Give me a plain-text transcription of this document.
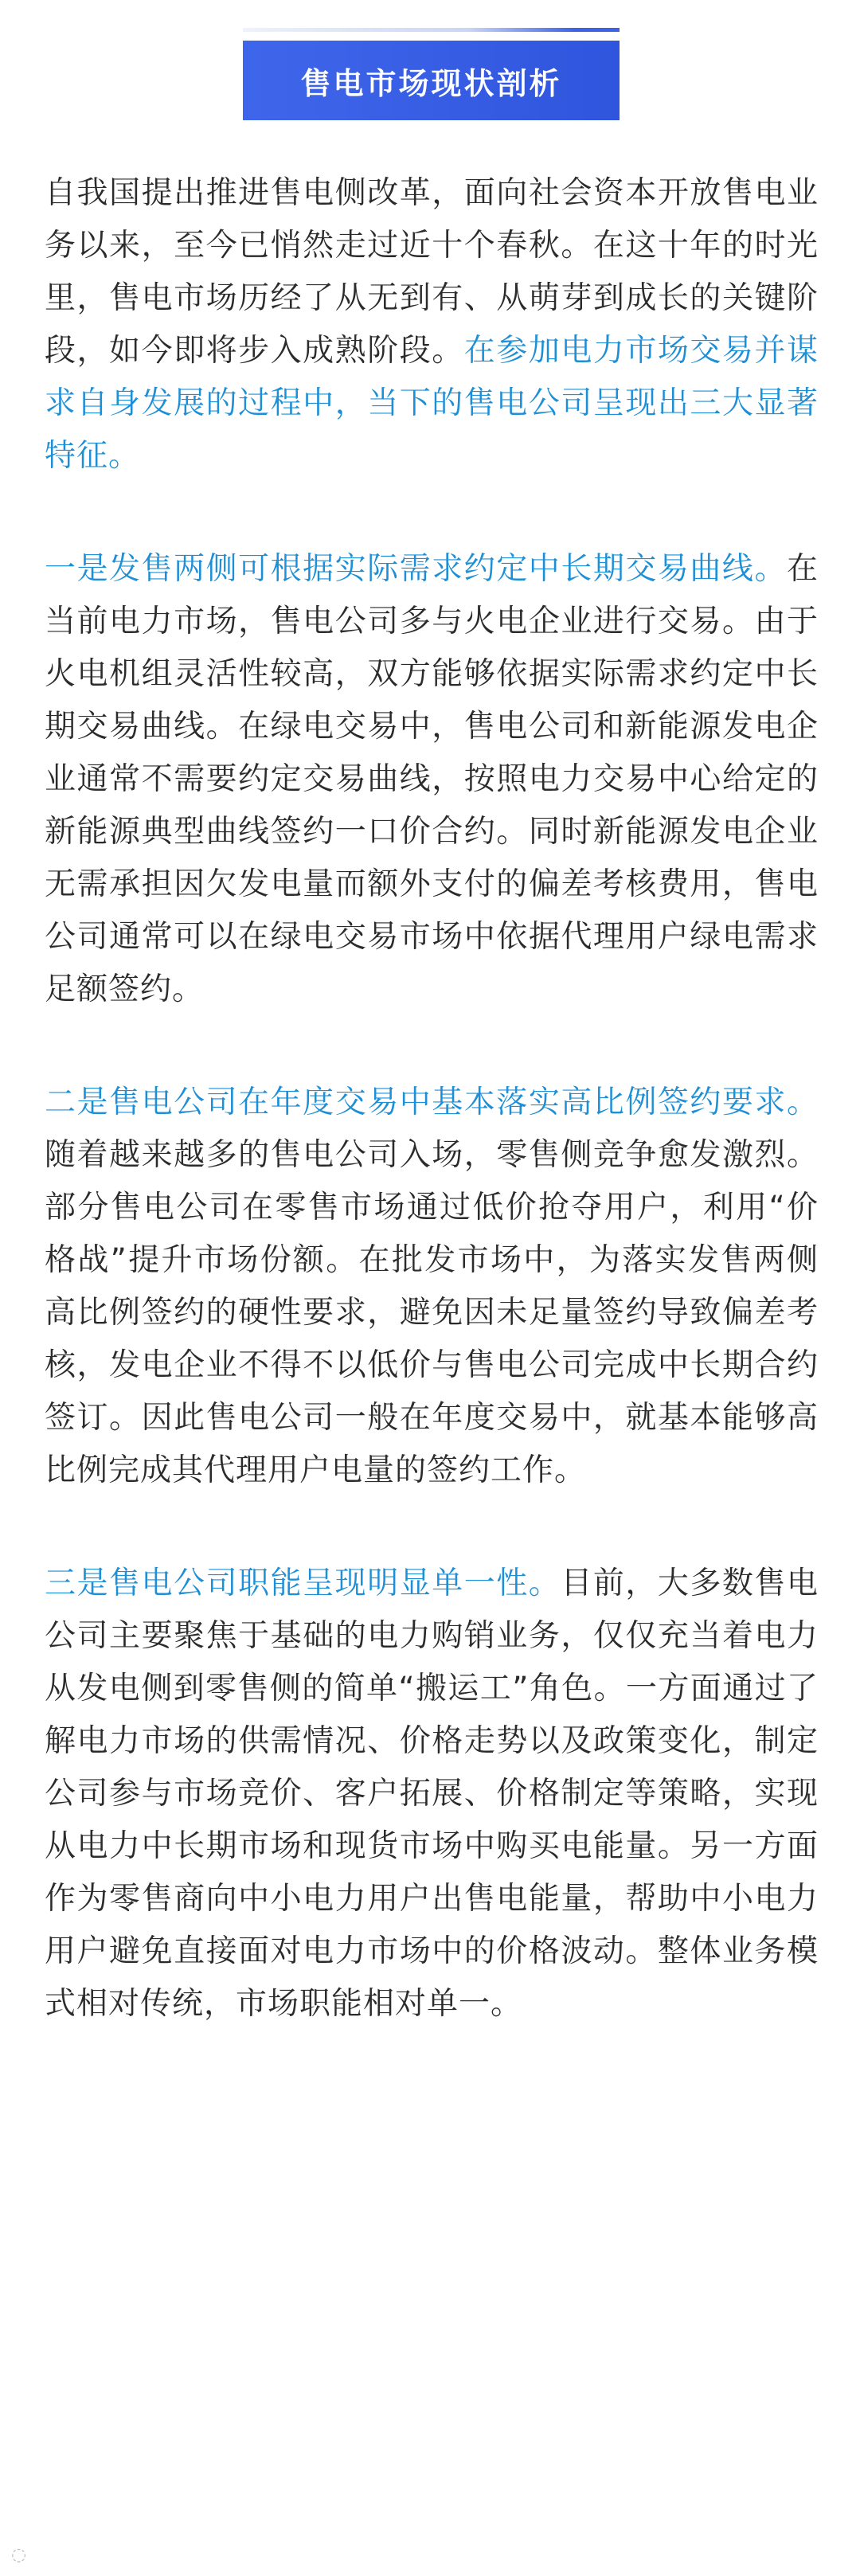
售电市场现状剖析

自我国提出推进售电侧改革，面向社会资本开放售电业务以来，至今已悄然走过近十个春秋。在这十年的时光里，售电市场历经了从无到有、从萌芽到成长的关键阶段，如今即将步入成熟阶段。在参加电力市场交易并谋求自身发展的过程中，当下的售电公司呈现出三大显著特征。

一是发售两侧可根据实际需求约定中长期交易曲线。在当前电力市场，售电公司多与火电企业进行交易。由于火电机组灵活性较高，双方能够依据实际需求约定中长期交易曲线。在绿电交易中，售电公司和新能源发电企业通常不需要约定交易曲线，按照电力交易中心给定的新能源典型曲线签约一口价合约。同时新能源发电企业无需承担因欠发电量而额外支付的偏差考核费用，售电公司通常可以在绿电交易市场中依据代理用户绿电需求足额签约。

二是售电公司在年度交易中基本落实高比例签约要求。随着越来越多的售电公司入场，零售侧竞争愈发激烈。部分售电公司在零售市场通过低价抢夺用户，利用“价格战”提升市场份额。在批发市场中，为落实发售两侧高比例签约的硬性要求，避免因未足量签约导致偏差考核，发电企业不得不以低价与售电公司完成中长期合约签订。因此售电公司一般在年度交易中，就基本能够高比例完成其代理用户电量的签约工作。

三是售电公司职能呈现明显单一性。目前，大多数售电公司主要聚焦于基础的电力购销业务，仅仅充当着电力从发电侧到零售侧的简单“搬运工”角色。一方面通过了解电力市场的供需情况、价格走势以及政策变化，制定公司参与市场竞价、客户拓展、价格制定等策略，实现从电力中长期市场和现货市场中购买电能量。另一方面作为零售商向中小电力用户出售电能量，帮助中小电力用户避免直接面对电力市场中的价格波动。整体业务模式相对传统，市场职能相对单一。

◌
